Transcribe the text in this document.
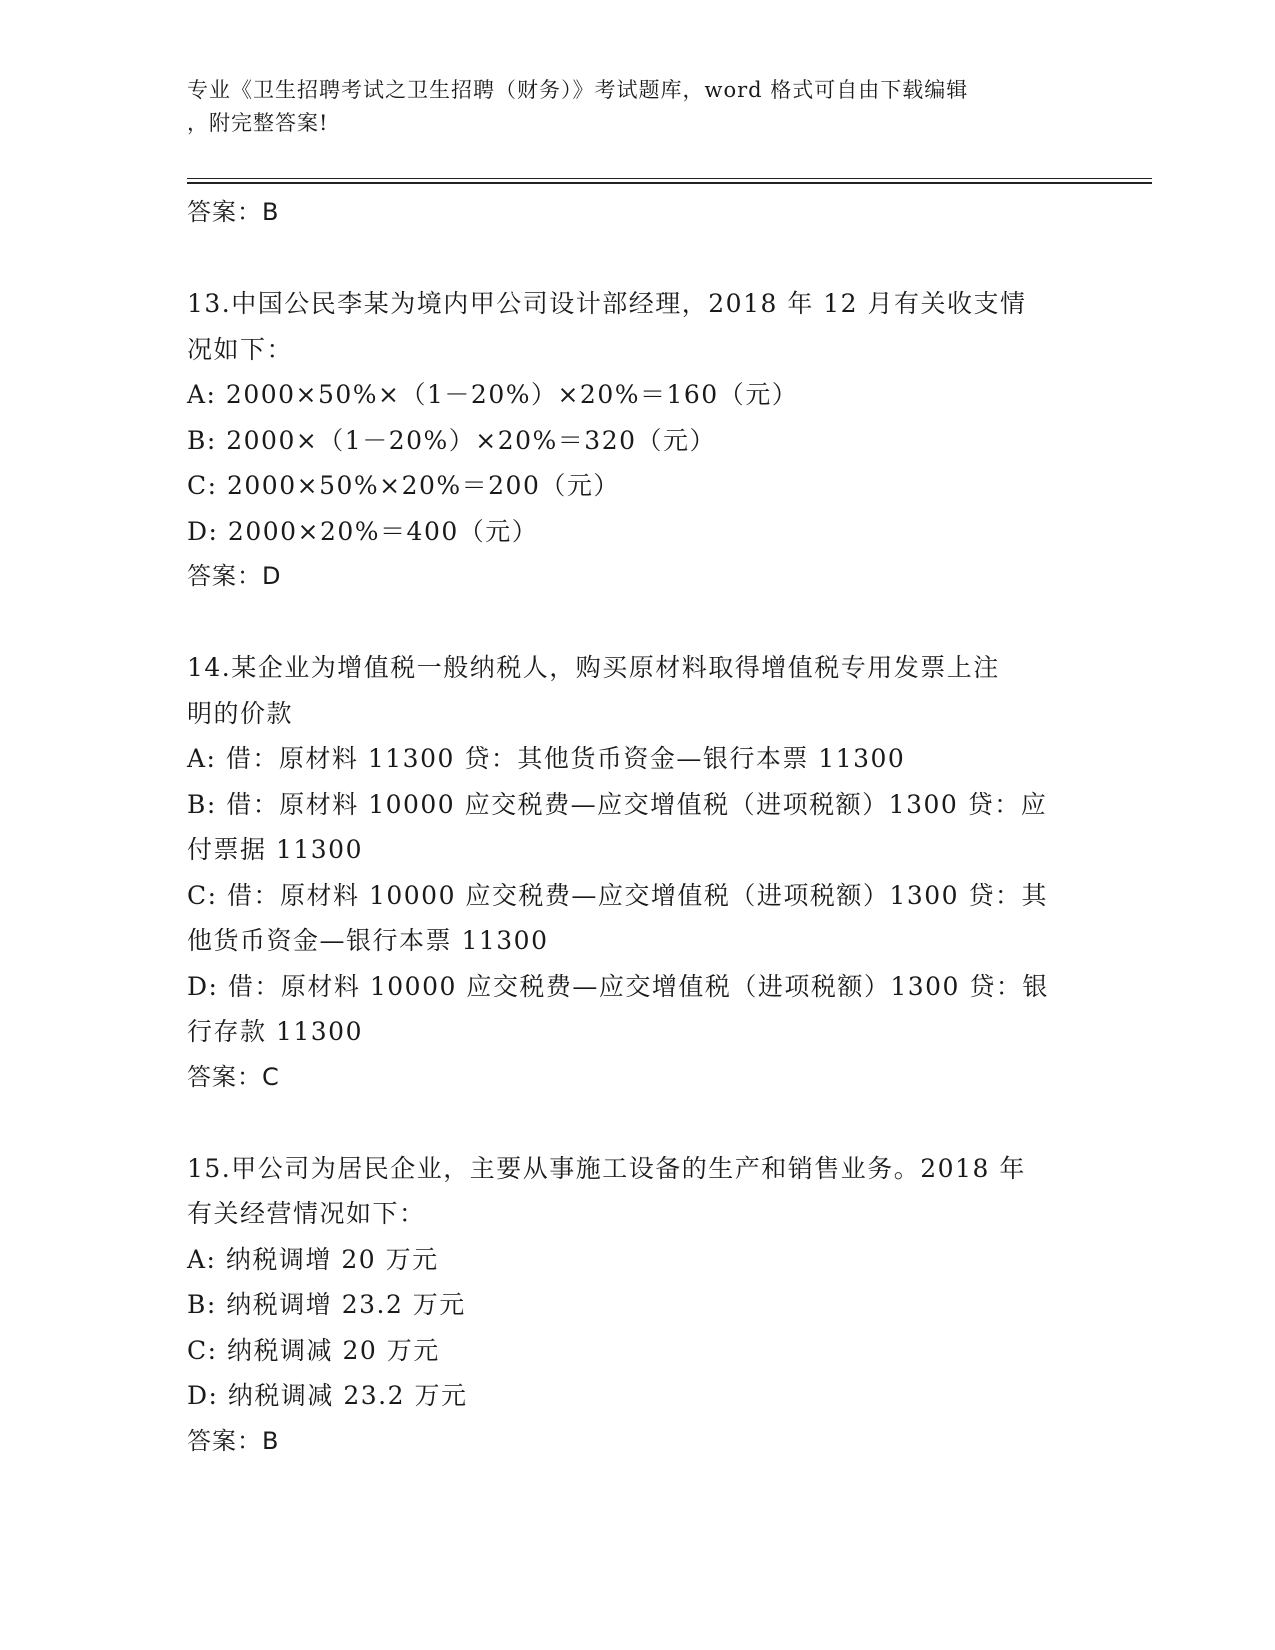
专业《卫生招聘考试之卫生招聘（财务）》考试题库，word 格式可自由下载编辑
，附完整答案!
答案：B
13.中国公民李某为境内甲公司设计部经理，2018 年 12 月有关收支情
况如下：
A: 2000×50%×（1－20%）×20%＝160（元）
B: 2000×（1－20%）×20%＝320（元）
C: 2000×50%×20%＝200（元）
D: 2000×20%＝400（元）
答案：D
14.某企业为增值税一般纳税人，购买原材料取得增值税专用发票上注
明的价款
A: 借：原材料 11300 贷：其他货币资金—银行本票 11300
B: 借：原材料 10000 应交税费—应交增值税（进项税额）1300 贷：应
付票据 11300
C: 借：原材料 10000 应交税费—应交增值税（进项税额）1300 贷：其
他货币资金—银行本票 11300
D: 借：原材料 10000 应交税费—应交增值税（进项税额）1300 贷：银
行存款 11300
答案：C
15.甲公司为居民企业，主要从事施工设备的生产和销售业务。2018 年
有关经营情况如下：
A: 纳税调增 20 万元
B: 纳税调增 23.2 万元
C: 纳税调减 20 万元
D: 纳税调减 23.2 万元
答案：B
